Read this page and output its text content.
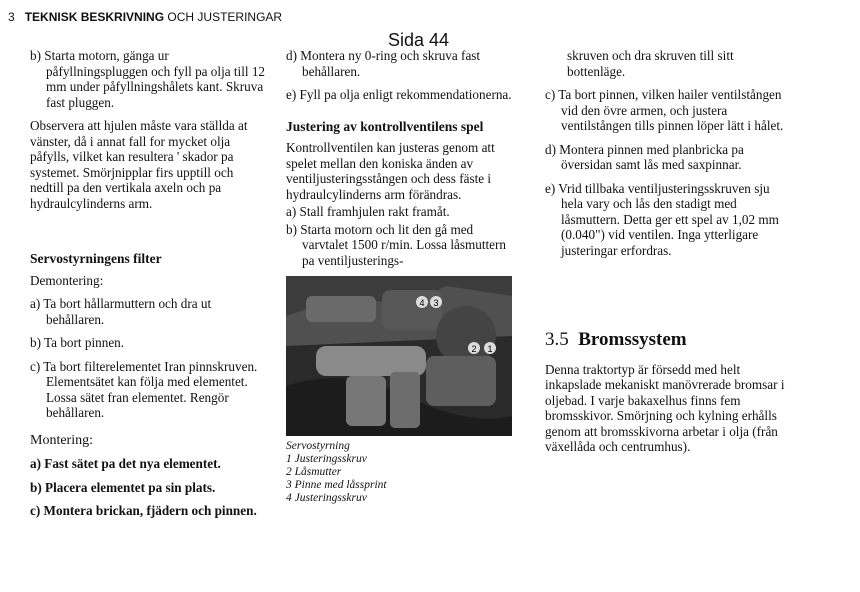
3 TEKNISK BESKRIVNING OCH JUSTERINGAR
Sida 44

b) Starta motorn, gänga ur påfyllningspluggen och fyll pa olja till 12 mm under påfyllningshålets kant. Skruva fast pluggen.

Observera att hjulen måste vara ställda at vänster, då i annat fall for mycket olja påfylls, vilket kan resultera ' skador pa systemet. Smörjnipplar firs upptill och nedtill pa den vertikala axeln och pa hydraulcylinderns arm.

Servostyrningens filter

Demontering:

a) Ta bort hållarmuttern och dra ut behållaren.

b) Ta bort pinnen.

c) Ta bort filterelementet Iran pinnskruven. Elementsätet kan följa med elementet. Lossa sätet fran elementet. Rengör behållaren.

Montering:

a) Fast sätet pa det nya elementet.

b) Placera elementet pa sin plats.

c) Montera brickan, fjädern och pinnen.

d) Montera ny 0-ring och skruva fast behållaren.

e) Fyll pa olja enligt rekommendationerna.

Justering av kontrollventilens spel

Kontrollventilen kan justeras genom att spelet mellan den koniska änden av ventiljusteringsstången och dess fäste i hydraulcylinderns arm förändras.

a) Stall framhjulen rakt framåt.

b) Starta motorn och lit den gå med varvtalet 1500 r/min. Lossa låsmuttern pa ventiljusterings-

4 3
2 1

Servostyrning

1 Justeringsskruv

2 Låsmutter

3 Pinne med låssprint

4 Justeringsskruv

skruven och dra skruven till sitt bottenläge.

c) Ta bort pinnen, vilken hailer ventilstången vid den övre armen, och justera ventilstången tills pinnen löper lätt i hålet.

d) Montera pinnen med planbricka pa översidan samt lås med saxpinnar.

e) Vrid tillbaka ventiljusteringsskruven sju hela vary och lås den stadigt med låsmuttern. Detta ger ett spel av 1,02 mm (0.040") vid ventilen. Inga ytterligare justeringar erfordras.

3.5 Bromssystem

Denna traktortyp är försedd med helt inkapslade mekaniskt manövrerade bromsar i oljebad. I varje bakaxelhus finns fem bromsskivor. Smörjning och kylning erhålls genom att bromsskivorna arbetar i olja (från växellåda och centrumhus).
